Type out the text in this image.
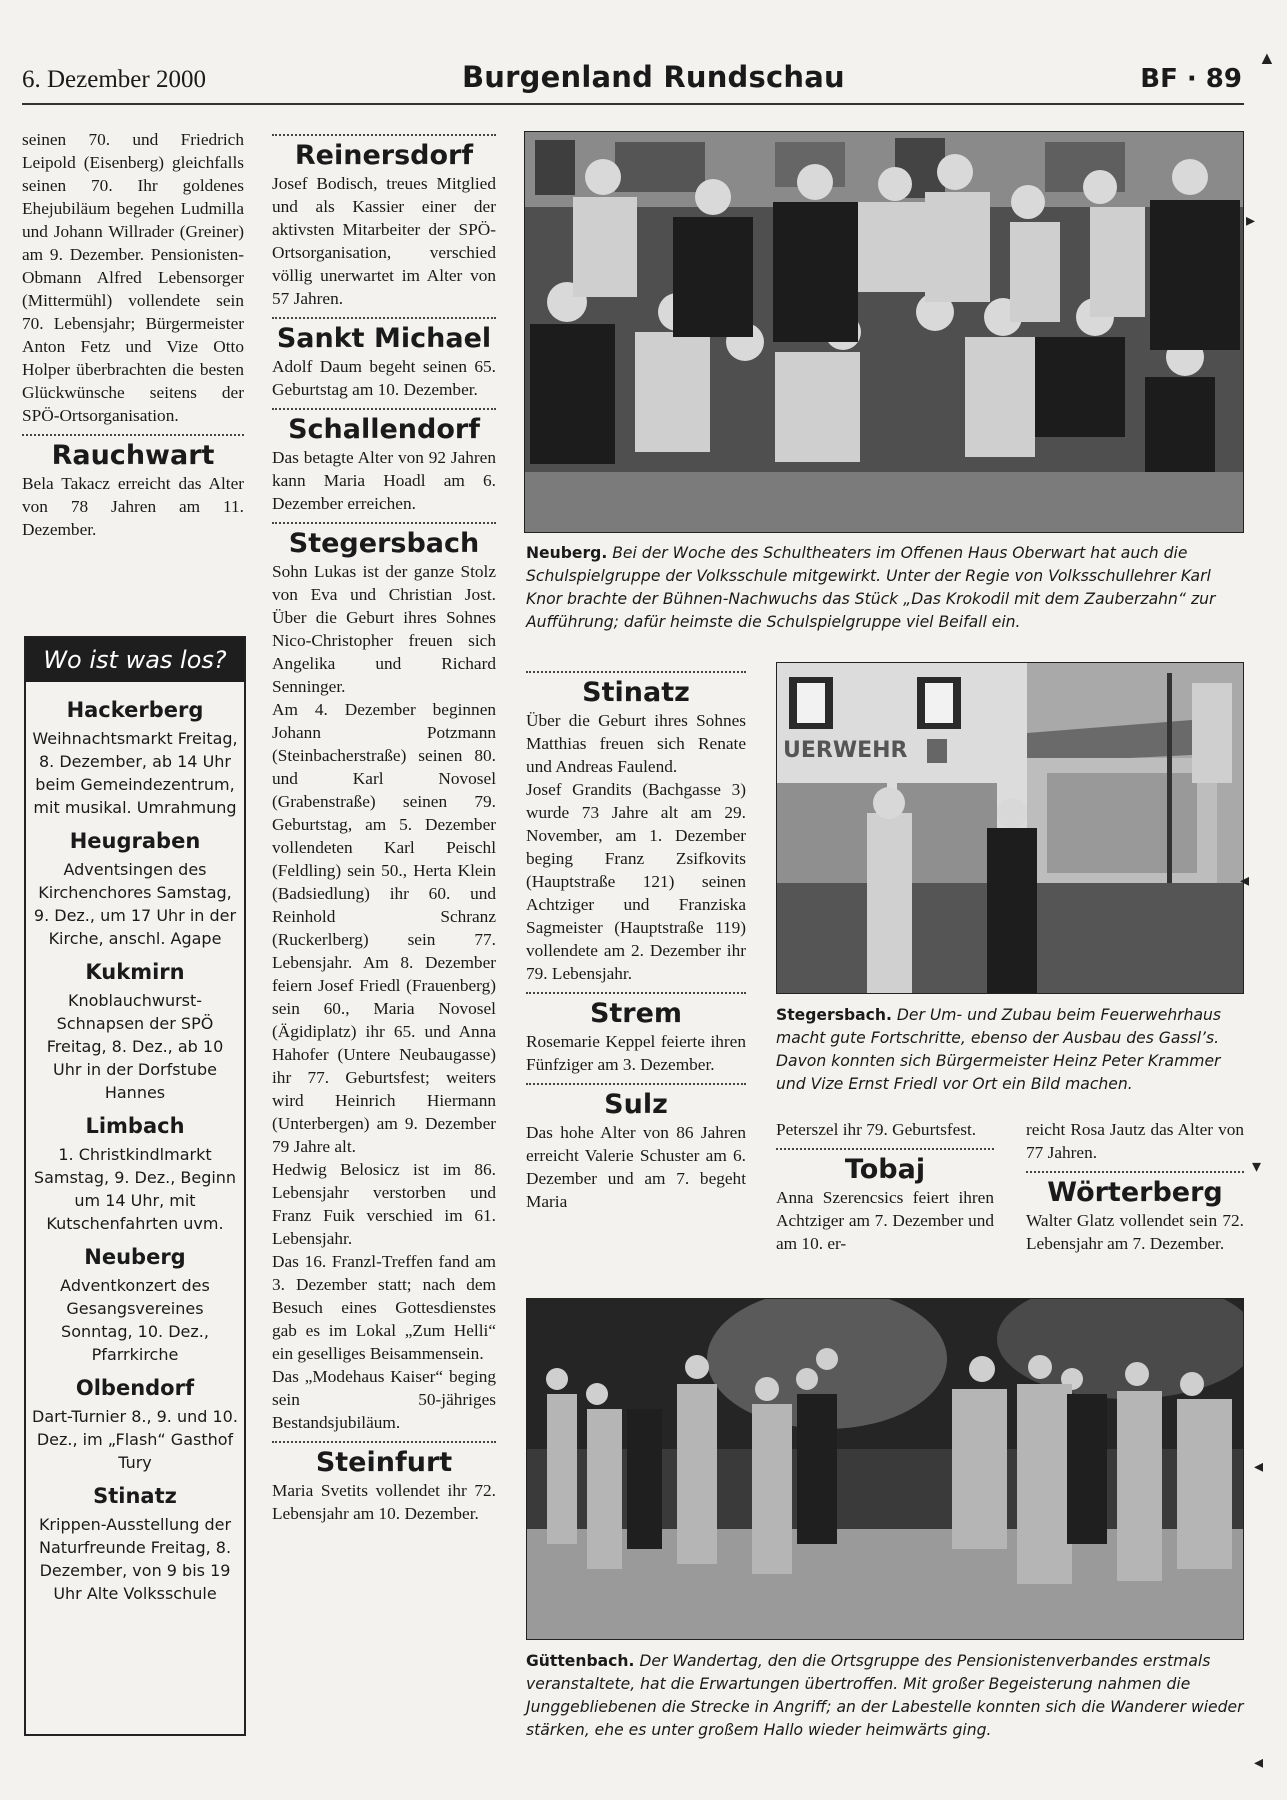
6. Dezember 2000	Burgenland Rundschau	BF · 89
▲

seinen 70. und Friedrich Leipold (Eisenberg) gleichfalls seinen 70. Ihr goldenes Ehejubiläum begehen Ludmilla und Johann Willrader (Greiner) am 9. Dezember. Pensionisten-Obmann Alfred Lebensorger (Mittermühl) vollendete sein 70. Lebensjahr; Bürgermeister Anton Fetz und Vize Otto Holper überbrachten die besten Glückwünsche seitens der SPÖ-Ortsorganisation.

Rauchwart

Bela Takacz erreicht das Alter von 78 Jahren am 11. Dezember.

Wo ist was los?
Hackerberg
Weihnachtsmarkt Freitag, 8. Dezember, ab 14 Uhr beim Gemeindezentrum, mit musikal. Umrahmung
Heugraben
Adventsingen des Kirchenchores Samstag, 9. Dez., um 17 Uhr in der Kirche, anschl. Agape
Kukmirn
Knoblauchwurst-Schnapsen der SPÖ Freitag, 8. Dez., ab 10 Uhr in der Dorfstube Hannes
Limbach
1. Christkindlmarkt Samstag, 9. Dez., Beginn um 14 Uhr, mit Kutschenfahrten uvm.
Neuberg
Adventkonzert des Gesangsvereines Sonntag, 10. Dez., Pfarrkirche
Olbendorf
Dart-Turnier 8., 9. und 10. Dez., im „Flash“ Gasthof Tury
Stinatz
Krippen-Ausstellung der Naturfreunde Freitag, 8. Dezember, von 9 bis 19 Uhr Alte Volksschule

Reinersdorf

Josef Bodisch, treues Mitglied und als Kassier einer der aktivsten Mitarbeiter der SPÖ-Ortsorganisation, verschied völlig unerwartet im Alter von 57 Jahren.

Sankt Michael

Adolf Daum begeht seinen 65. Geburtstag am 10. Dezember.

Schallendorf

Das betagte Alter von 92 Jahren kann Maria Hoadl am 6. Dezember erreichen.

Stegersbach

Sohn Lukas ist der ganze Stolz von Eva und Christian Jost. Über die Geburt ihres Sohnes Nico-Christopher freuen sich Angelika und Richard Senninger.

Am 4. Dezember beginnen Johann Potzmann (Steinbacherstraße) seinen 80. und Karl Novosel (Grabenstraße) seinen 79. Geburtstag, am 5. Dezember vollendeten Karl Peischl (Feldling) sein 50., Herta Klein (Badsiedlung) ihr 60. und Reinhold Schranz (Ruckerlberg) sein 77. Lebensjahr. Am 8. Dezember feiern Josef Friedl (Frauenberg) sein 60., Maria Novosel (Ägidiplatz) ihr 65. und Anna Hahofer (Untere Neubaugasse) ihr 77. Geburtsfest; weiters wird Heinrich Hiermann (Unterbergen) am 9. Dezember 79 Jahre alt.

Hedwig Belosicz ist im 86. Lebensjahr verstorben und Franz Fuik verschied im 61. Lebensjahr.

Das 16. Franzl-Treffen fand am 3. Dezember statt; nach dem Besuch eines Gottesdienstes gab es im Lokal „Zum Helli“ ein geselliges Beisammensein.

Das „Modehaus Kaiser“ beging sein 50-jähriges Bestandsjubiläum.

Steinfurt

Maria Svetits vollendet ihr 72. Lebensjahr am 10. Dezember.

▸
Neuberg. Bei der Woche des Schultheaters im Offenen Haus Oberwart hat auch die Schulspielgruppe der Volksschule mitgewirkt. Unter der Regie von Volksschullehrer Karl Knor brachte der Bühnen-Nachwuchs das Stück „Das Krokodil mit dem Zauberzahn“ zur Aufführung; dafür heimste die Schulspielgruppe viel Beifall ein.

Stinatz

Über die Geburt ihres Sohnes Matthias freuen sich Renate und Andreas Faulend.

Josef Grandits (Bachgasse 3) wurde 73 Jahre alt am 29. November, am 1. Dezember beging Franz Zsifkovits (Hauptstraße 121) seinen Achtziger und Franziska Sagmeister (Hauptstraße 119) vollendete am 2. Dezember ihr 79. Lebensjahr.

Strem

Rosemarie Keppel feierte ihren Fünfziger am 3. Dezember.

Sulz

Das hohe Alter von 86 Jahren erreicht Valerie Schuster am 6. Dezember und am 7. begeht Maria

UERWEHR
◂
Stegersbach. Der Um- und Zubau beim Feuerwehrhaus macht gute Fortschritte, ebenso der Ausbau des Gassl’s. Davon konnten sich Bürgermeister Heinz Peter Krammer und Vize Ernst Friedl vor Ort ein Bild machen.

Peterszel ihr 79. Geburtsfest.

Tobaj

Anna Szerencsics feiert ihren Achtziger am 7. Dezember und am 10. er-

reicht Rosa Jautz das Alter von 77 Jahren.

Wörterberg

Walter Glatz vollendet sein 72. Lebensjahr am 7. Dezember.

▾
◂
Güttenbach. Der Wandertag, den die Ortsgruppe des Pensionistenverbandes erstmals veranstaltete, hat die Erwartungen übertroffen. Mit großer Begeisterung nahmen die Junggebliebenen die Strecke in Angriff; an der Labestelle konnten sich die Wanderer wieder stärken, ehe es unter großem Hallo wieder heimwärts ging.
◂
